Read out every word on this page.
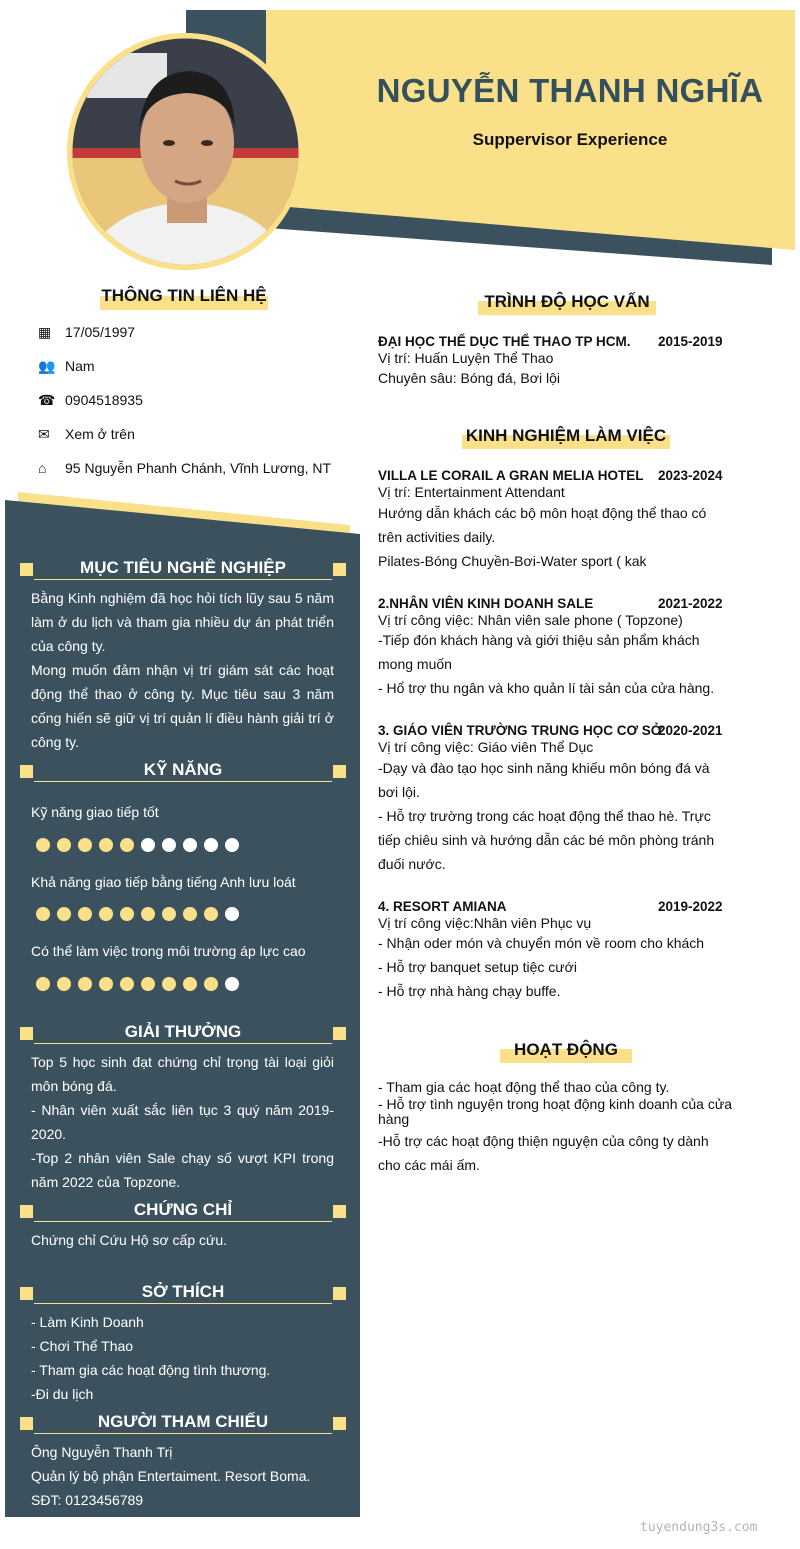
NGUYỄN THANH NGHĨA
Suppervisor Experience
THÔNG TIN LIÊN HỆ
▦ 17/05/1997
👥 Nam
☎ 0904518935
✉	Xem ở trên
⌂	95 Nguyễn Phanh Chánh, Vĩnh Lương, NT
MỤC TIÊU NGHỀ NGHIỆP
Bằng Kinh nghiệm đã học hỏi tích lũy sau 5 năm làm ở du lịch và tham gia nhiều dự án phát triển của công ty.
Mong muốn đảm nhận vị trí giám sát các hoạt động thể thao ở công ty. Mục tiêu sau 3 năm cống hiến sẽ giữ vị trí quản lí điều hành giải trí ở công ty.
KỸ NĂNG
Kỹ năng giao tiếp tốt
Khả năng giao tiếp bằng tiếng Anh lưu loát
Có thể làm việc trong môi trường áp lực cao
GIẢI THƯỞNG
Top 5 học sinh đạt chứng chỉ trọng tài loại giỏi môn bóng đá.
- Nhân viên xuất sắc liên tục 3 quý năm 2019-2020.
-Top 2 nhân viên Sale chạy số vượt KPI trong năm 2022 của Topzone.
CHỨNG CHỈ
Chứng chỉ Cứu Hộ sơ cấp cứu.
SỞ THÍCH
- Làm Kinh Doanh
- Chơi Thể Thao
- Tham gia các hoạt động tình thương.
-Đi du lịch
NGƯỜI THAM CHIẾU
Ông Nguyễn Thanh Trị
Quản lý bộ phận Entertaiment. Resort Boma.
SĐT: 0123456789
TRÌNH ĐỘ HỌC VẤN
ĐẠI HỌC THỂ DỤC THỂ THAO TP HCM. 2015-2019
Vị trí: Huấn Luyện Thể Thao
Chuyên sâu: Bóng đá, Bơi lội
KINH NGHIỆM LÀM VIỆC
VILLA LE CORAIL A GRAN MELIA HOTEL 2023-2024
Vị trí: Entertainment Attendant
Hướng dẫn khách các bộ môn hoạt động thể thao có trên activities daily.
Pilates-Bóng Chuyền-Bơi-Water sport ( kak
2.NHÂN VIÊN KINH DOANH SALE	2021-2022
Vị trí công việc: Nhân viên sale phone ( Topzone)
-Tiếp đón khách hàng và giới thiệu sản phẩm khách mong muốn
- Hổ trợ thu ngân và kho quản lí tài sản của cửa hàng.
3. GIÁO VIÊN TRƯỜNG TRUNG HỌC CƠ SỞ
2020-2021
Vị trí công việc: Giáo viên Thể Dục
-Dạy và đào tạo học sinh năng khiếu môn bóng đá và bơi lội.
- Hỗ trợ trường trong các hoạt động thể thao hè. Trực tiếp chiêu sinh và hướng dẫn các bé môn phòng tránh đuối nước.
4. RESORT AMIANA	2019-2022
Vị trí công việc:Nhân viên Phục vụ
- Nhận oder món và chuyển món về room cho khách
- Hỗ trợ banquet setup tiệc cưới
- Hỗ trợ nhà hàng chạy buffe.
HOẠT ĐỘNG
- Tham gia các hoạt động thể thao của công ty.
- Hỗ trợ tình nguyện trong hoạt động kinh doanh của cửa hàng
-Hỗ trợ các hoạt động thiện nguyện của công ty dành cho các mái ấm.
tuyendung3s.com
